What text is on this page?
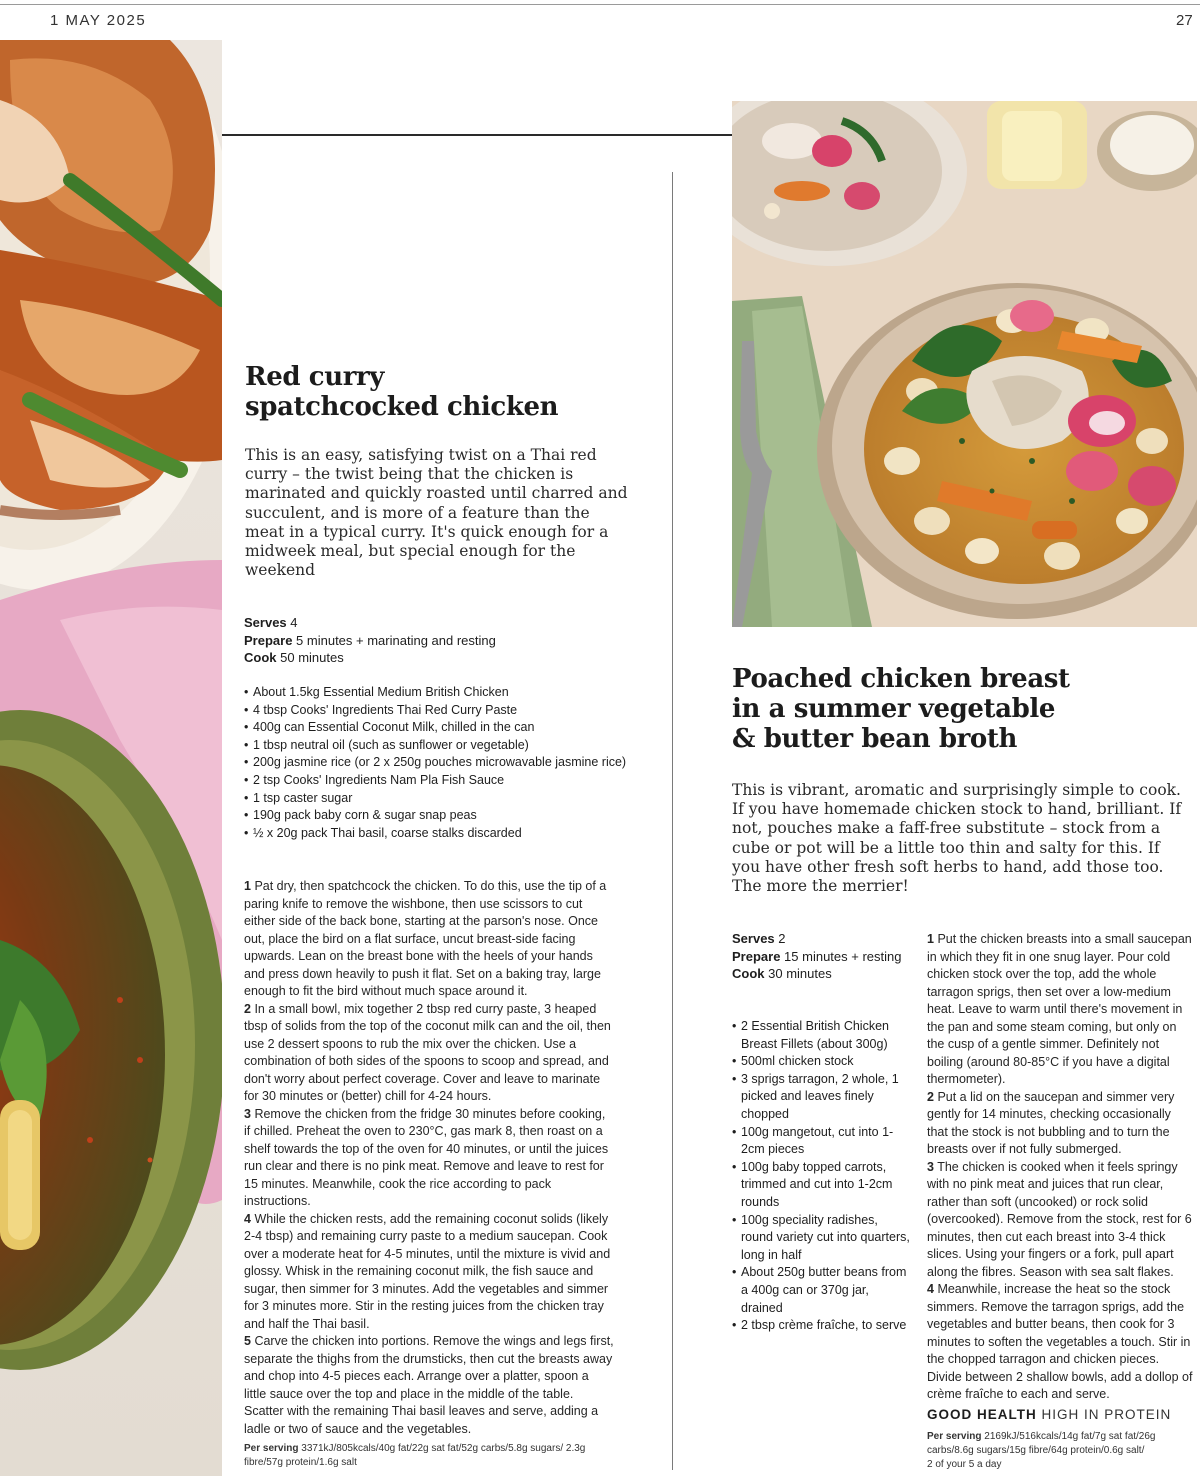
1 MAY 2025	27
Red curry
spatchcocked chicken

This is an easy, satisfying twist on a Thai red curry – the twist being that the chicken is marinated and quickly roasted until charred and succulent, and is more of a feature than the meat in a typical curry. It's quick enough for a midweek meal, but special enough for the weekend

Serves 4
Prepare 5 minutes + marinating and resting
Cook 50 minutes
• About 1.5kg Essential Medium British Chicken
• 4 tbsp Cooks' Ingredients Thai Red Curry Paste
• 400g can Essential Coconut Milk, chilled in the can
• 1 tbsp neutral oil (such as sunflower or vegetable)
• 200g jasmine rice (or 2 x 250g pouches microwavable jasmine rice)
• 2 tsp Cooks' Ingredients Nam Pla Fish Sauce
• 1 tsp caster sugar
• 190g pack baby corn & sugar snap peas
• ½ x 20g pack Thai basil, coarse stalks discarded

1 Pat dry, then spatchcock the chicken. To do this, use the tip of a paring knife to remove the wishbone, then use scissors to cut either side of the back bone, starting at the parson's nose. Once out, place the bird on a flat surface, uncut breast-side facing upwards. Lean on the breast bone with the heels of your hands and press down heavily to push it flat. Set on a baking tray, large enough to fit the bird without much space around it.

2 In a small bowl, mix together 2 tbsp red curry paste, 3 heaped tbsp of solids from the top of the coconut milk can and the oil, then use 2 dessert spoons to rub the mix over the chicken. Use a combination of both sides of the spoons to scoop and spread, and don't worry about perfect coverage. Cover and leave to marinate for 30 minutes or (better) chill for 4-24 hours.

3 Remove the chicken from the fridge 30 minutes before cooking, if chilled. Preheat the oven to 230°C, gas mark 8, then roast on a shelf towards the top of the oven for 40 minutes, or until the juices run clear and there is no pink meat. Remove and leave to rest for 15 minutes. Meanwhile, cook the rice according to pack instructions.

4 While the chicken rests, add the remaining coconut solids (likely 2-4 tbsp) and remaining curry paste to a medium saucepan. Cook over a moderate heat for 4-5 minutes, until the mixture is vivid and glossy. Whisk in the remaining coconut milk, the fish sauce and sugar, then simmer for 3 minutes. Add the vegetables and simmer for 3 minutes more. Stir in the resting juices from the chicken tray and half the Thai basil.

5 Carve the chicken into portions. Remove the wings and legs first, separate the thighs from the drumsticks, then cut the breasts away and chop into 4-5 pieces each. Arrange over a platter, spoon a little sauce over the top and place in the middle of the table. Scatter with the remaining Thai basil leaves and serve, adding a ladle or two of sauce and the vegetables.

Per serving 3371kJ/805kcals/40g fat/22g sat fat/52g carbs/5.8g sugars/ 2.3g fibre/57g protein/1.6g salt
Poached chicken breast
in a summer vegetable
& butter bean broth

This is vibrant, aromatic and surprisingly simple to cook. If you have homemade chicken stock to hand, brilliant. If not, pouches make a faff-free substitute – stock from a cube or pot will be a little too thin and salty for this. If you have other fresh soft herbs to hand, add those too. The more the merrier!

Serves 2
Prepare 15 minutes + resting
Cook 30 minutes
• 2 Essential British Chicken Breast Fillets (about 300g)
• 500ml chicken stock
• 3 sprigs tarragon, 2 whole, 1 picked and leaves finely chopped
• 100g mangetout, cut into 1-2cm pieces
• 100g baby topped carrots, trimmed and cut into 1-2cm rounds
• 100g speciality radishes, round variety cut into quarters, long in half
• About 250g butter beans from a 400g can or 370g jar, drained
• 2 tbsp crème fraîche, to serve

1 Put the chicken breasts into a small saucepan in which they fit in one snug layer. Pour cold chicken stock over the top, add the whole tarragon sprigs, then set over a low-medium heat. Leave to warm until there's movement in the pan and some steam coming, but only on the cusp of a gentle simmer. Definitely not boiling (around 80-85°C if you have a digital thermometer).

2 Put a lid on the saucepan and simmer very gently for 14 minutes, checking occasionally that the stock is not bubbling and to turn the breasts over if not fully submerged.

3 The chicken is cooked when it feels springy with no pink meat and juices that run clear, rather than soft (uncooked) or rock solid (overcooked). Remove from the stock, rest for 6 minutes, then cut each breast into 3-4 thick slices. Using your fingers or a fork, pull apart along the fibres. Season with sea salt flakes.

4 Meanwhile, increase the heat so the stock simmers. Remove the tarragon sprigs, add the vegetables and butter beans, then cook for 3 minutes to soften the vegetables a touch. Stir in the chopped tarragon and chicken pieces. Divide between 2 shallow bowls, add a dollop of crème fraîche to each and serve.

GOOD HEALTH HIGH IN PROTEIN
Per serving 2169kJ/516kcals/14g fat/7g sat fat/26g carbs/8.6g sugars/15g fibre/64g protein/0.6g salt/
2 of your 5 a day
